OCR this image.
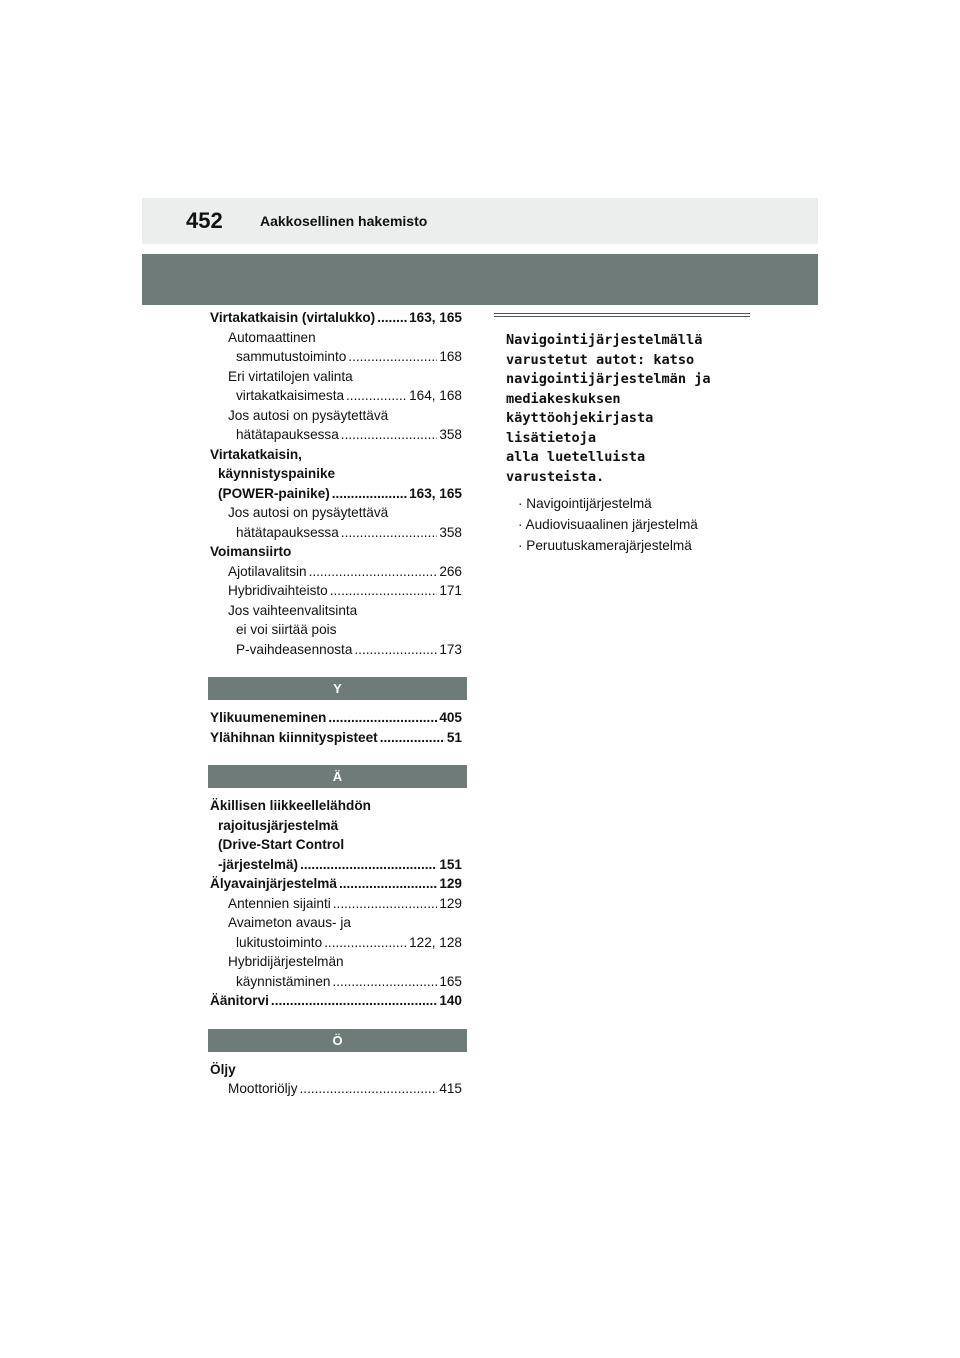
452	Aakkosellinen hakemisto
Virtakatkaisin (virtalukko) ..... 163, 165
Automaattinen
sammutustoiminto .....	168
Eri virtatilojen valinta
virtakatkaisimesta .....	164, 168
Jos autosi on pysäytettävä
hätätapauksessa .....	358
Virtakatkaisin,
käynnistyspainike
(POWER-painike) .....	163, 165
Jos autosi on pysäytettävä
hätätapauksessa .....	358
Voimansiirto
Ajotilavalitsin .....	266
Hybridivaihteisto .....	171
Jos vaihteenvalitsinta
ei voi siirtää pois
P-vaihdeasennosta .....	173
Y
Ylikuumeneminen .....	405
Ylähihnan kiinnityspisteet .....	51
Ä
Äkillisen liikkeellelähdön
rajoitusjärjestelmä
(Drive-Start Control
-järjestelmä) .....	151
Älyavainjärjestelmä .....	129
Antennien sijainti .....	129
Avaimeton avaus- ja
lukitustoiminto .....	122, 128
Hybridijärjestelmän
käynnistäminen .....	165
Äänitorvi .....	140
Ö
Öljy
Moottoriöljy .....	415
Navigointijärjestelmällä
varustetut autot: katso
navigointijärjestelmän ja
mediakeskuksen
käyttöohjekirjasta lisätietoja
alla luetelluista varusteista.
· Navigointijärjestelmä
· Audiovisuaalinen järjestelmä
· Peruutuskamerajärjestelmä
